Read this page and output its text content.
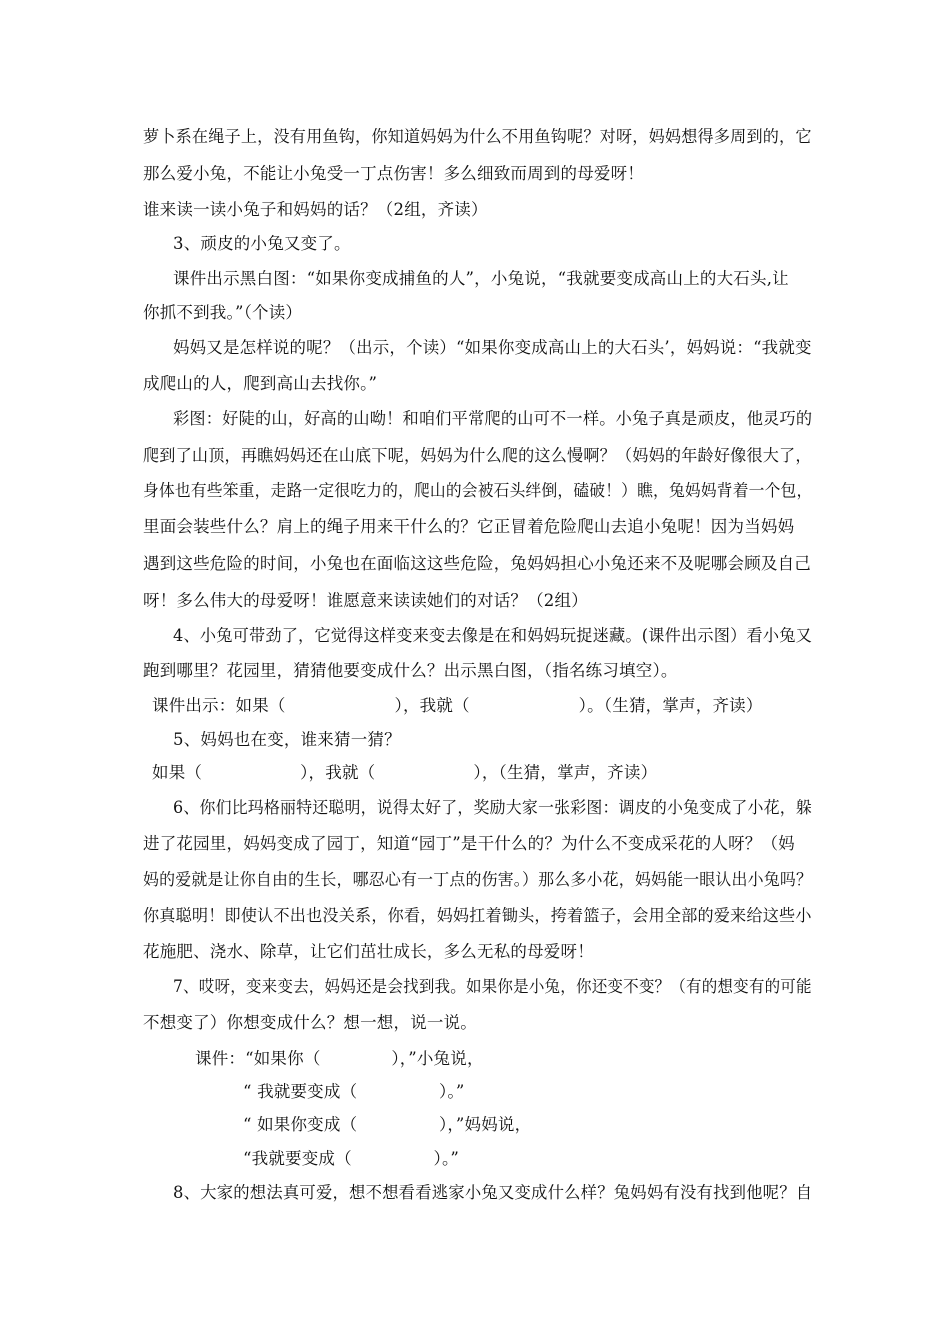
萝卜系在绳子上，没有用鱼钩，你知道妈妈为什么不用鱼钩呢？对呀，妈妈想得多周到的，它
那么爱小兔，不能让小兔受一丁点伤害！多么细致而周到的母爱呀！
谁来读一读小兔子和妈妈的话？（2组，齐读）
3、顽皮的小兔又变了。
课件出示黑白图：“如果你变成捕鱼的人”，小兔说，“我就要变成高山上的大石头,让
你抓不到我。”（个读）
妈妈又是怎样说的呢？（出示，个读）“如果你变成高山上的大石头’，妈妈说：“我就变
成爬山的人，爬到高山去找你。”
彩图：好陡的山，好高的山呦！和咱们平常爬的山可不一样。小兔子真是顽皮，他灵巧的
爬到了山顶，再瞧妈妈还在山底下呢，妈妈为什么爬的这么慢啊？（妈妈的年龄好像很大了，
身体也有些笨重，走路一定很吃力的，爬山的会被石头绊倒，磕破！）瞧，兔妈妈背着一个包，
里面会装些什么？肩上的绳子用来干什么的？它正冒着危险爬山去追小兔呢！因为当妈妈
遇到这些危险的时间，小兔也在面临这这些危险，兔妈妈担心小兔还来不及呢哪会顾及自己
呀！多么伟大的母爱呀！谁愿意来读读她们的对话？（2组）
4、小兔可带劲了，它觉得这样变来变去像是在和妈妈玩捉迷藏。(课件出示图）看小兔又
跑到哪里？花园里，猜猜他要变成什么？出示黑白图，（指名练习填空）。
课件出示：如果（                    ），我就（                    ）。（生猜，掌声，齐读）
5、妈妈也在变，谁来猜一猜？
如果（                  ），我就（                  ），（生猜，掌声，齐读）
6、你们比玛格丽特还聪明，说得太好了，奖励大家一张彩图：调皮的小兔变成了小花，躲
进了花园里，妈妈变成了园丁，知道“园丁”是干什么的？为什么不变成采花的人呀？（妈
妈的爱就是让你自由的生长，哪忍心有一丁点的伤害。）那么多小花，妈妈能一眼认出小兔吗？
你真聪明！即使认不出也没关系，你看，妈妈扛着锄头，挎着篮子，会用全部的爱来给这些小
花施肥、浇水、除草，让它们茁壮成长，多么无私的母爱呀！
7、哎呀，变来变去，妈妈还是会找到我。如果你是小兔，你还变不变？（有的想变有的可能
不想变了）你想变成什么？想一想，说一说。
课件：“如果你（             ），”小兔说，
“ 我就要变成（               ）。”
“ 如果你变成（               ），”妈妈说，
“我就要变成（               ）。”
8、大家的想法真可爱，想不想看看逃家小兔又变成什么样？兔妈妈有没有找到他呢？自
